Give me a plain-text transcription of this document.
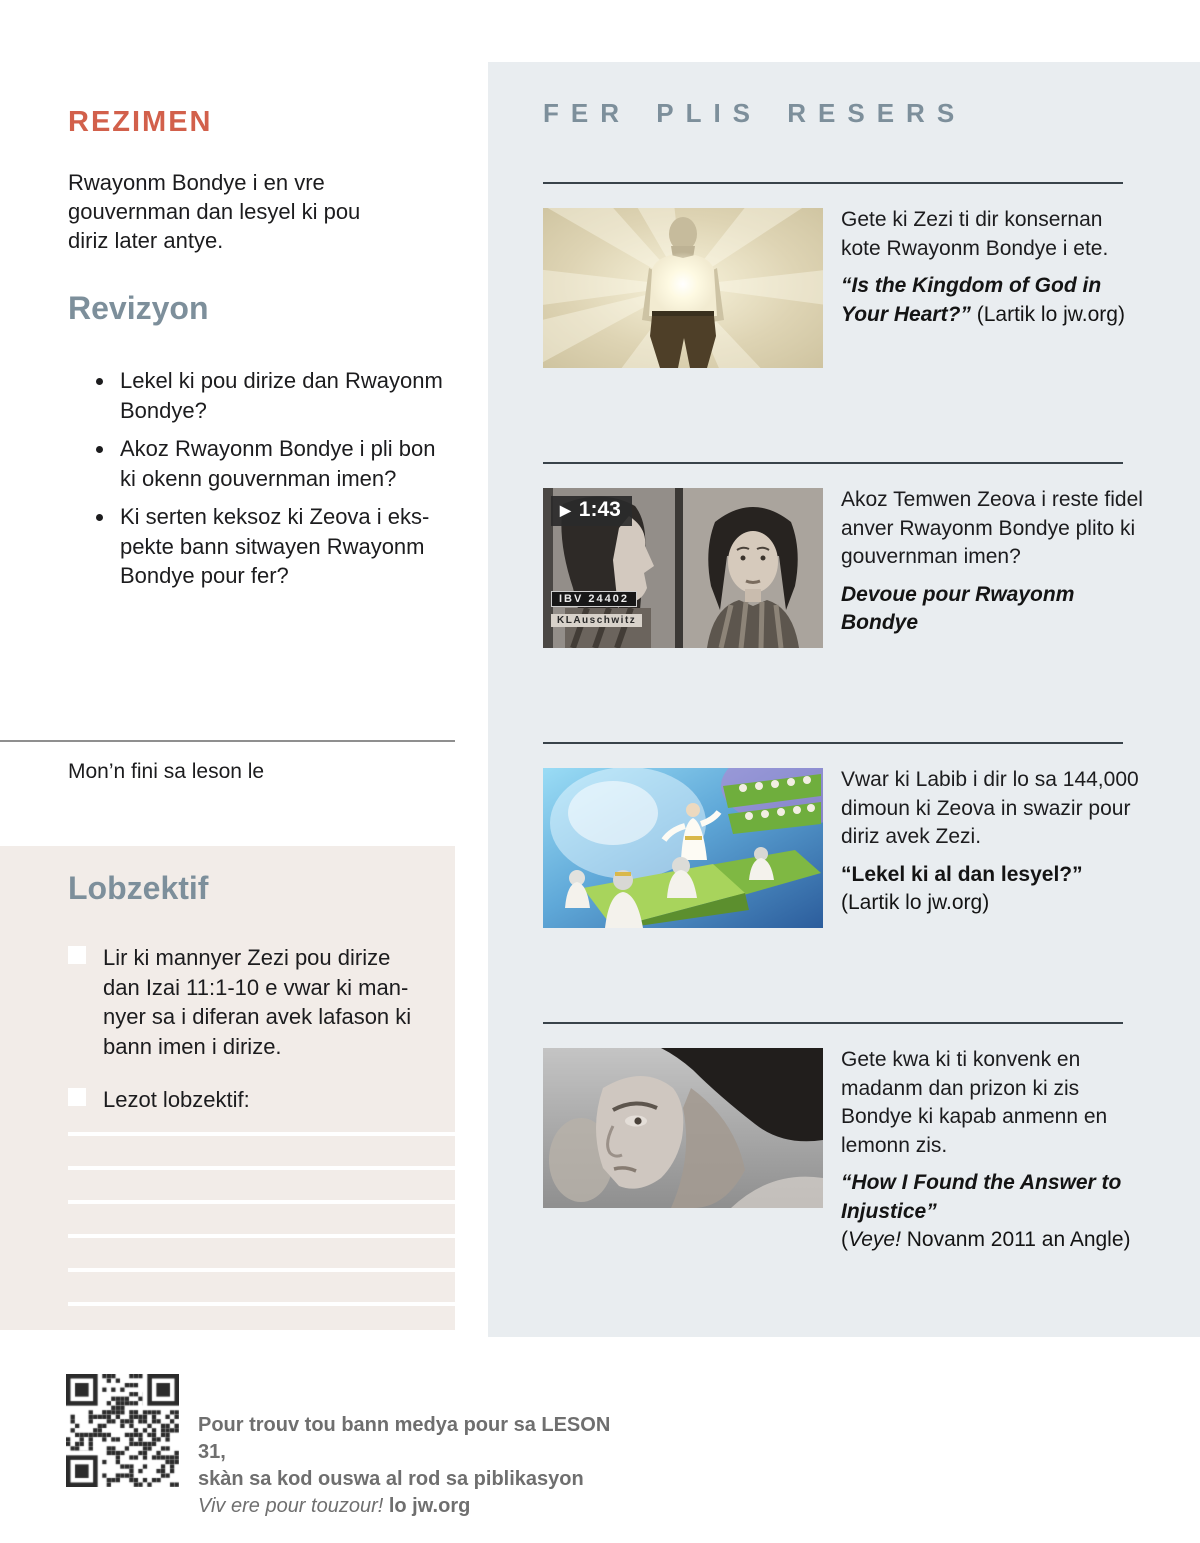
REZIMEN

Rwayonm Bondye i en vre gouvernman dan lesyel ki pou diriz later antye.

Revizyon
• Lekel ki pou dirize dan Rwayonm Bondye?
• Akoz Rwayonm Bondye i pli bon ki okenn gouvernman imen?
• Ki serten keksoz ki Zeova i ekspekte bann sitwayen Rwayonm Bondye pour fer?

Mon’n fini sa leson le

Lobzektif
Lir ki mannyer Zezi pou dirize dan Izai 11:1-10 e vwar ki mannyer sa i diferan avek lafason ki bann imen i dirize.
Lezot lobzektif:

Pour trouv tou bann medya pour sa LESON 31,
skàn sa kod ouswa al rod sa piblikasyon
Viv ere pour touzour! lo jw.org

FER PLIS RESERS
▶ 1:43
IBV 24402
KLAuschwitz

Gete ki Zezi ti dir konsernan kote Rwayonm Bondye i ete.

“Is the Kingdom of God in Your Heart?” (Lartik lo jw.org)

Akoz Temwen Zeova i reste fidel anver Rwayonm Bondye plito ki gouvernman imen?

Devoue pour Rwayonm Bondye

Vwar ki Labib i dir lo sa 144,000 dimoun ki Zeova in swazir pour diriz avek Zezi.

“Lekel ki al dan lesyel?” (Lartik lo jw.org)

Gete kwa ki ti konvenk en madanm dan prizon ki zis Bondye ki kapab anmenn en lemonn zis.

“How I Found the Answer to Injustice”

(Veye! Novanm 2011 an Angle)
